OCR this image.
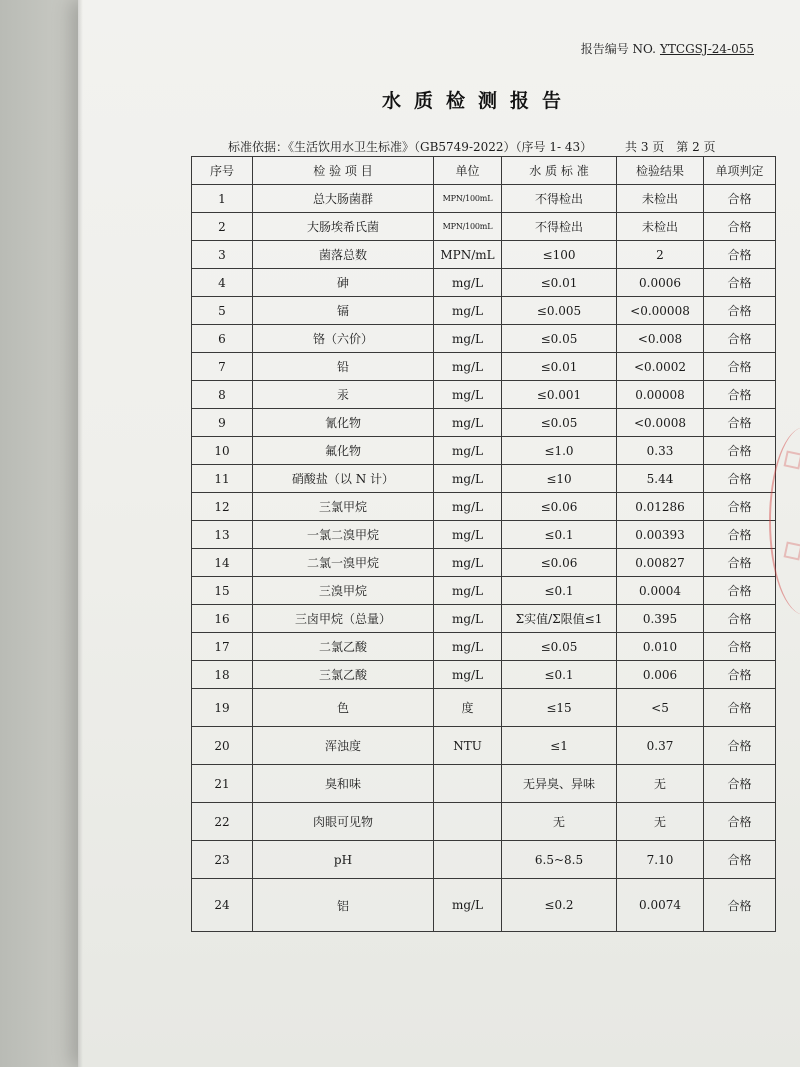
报告编号 NO. YTCGSJ-24-055
水质检测报告
标准依据：《生活饮用水卫生标准》（GB5749-2022）（序号 1- 43）	共 3 页　第 2 页
序号	检 验 项 目	单位	水 质 标 准	检验结果	单项判定
1	总大肠菌群	MPN/100mL	不得检出	未检出	合格
2	大肠埃希氏菌	MPN/100mL	不得检出	未检出	合格
3	菌落总数	MPN/mL	≤100	2	合格
4	砷	mg/L	≤0.01	0.0006	合格
5	镉	mg/L	≤0.005	<0.00008	合格
6	铬（六价）	mg/L	≤0.05	<0.008	合格
7	铅	mg/L	≤0.01	<0.0002	合格
8	汞	mg/L	≤0.001	0.00008	合格
9	氰化物	mg/L	≤0.05	<0.0008	合格
10	氟化物	mg/L	≤1.0	0.33	合格
11	硝酸盐（以 N 计）	mg/L	≤10	5.44	合格
12	三氯甲烷	mg/L	≤0.06	0.01286	合格
13	一氯二溴甲烷	mg/L	≤0.1	0.00393	合格
14	二氯一溴甲烷	mg/L	≤0.06	0.00827	合格
15	三溴甲烷	mg/L	≤0.1	0.0004	合格
16	三卤甲烷（总量）	mg/L	Σ实值/Σ限值≤1	0.395	合格
17	二氯乙酸	mg/L	≤0.05	0.010	合格
18	三氯乙酸	mg/L	≤0.1	0.006	合格
19	色	度	≤15	<5	合格
20	浑浊度	NTU	≤1	0.37	合格
21	臭和味		无异臭、异味	无	合格
22	肉眼可见物		无	无	合格
23	pH		6.5~8.5	7.10	合格
24	铝	mg/L	≤0.2	0.0074	合格
